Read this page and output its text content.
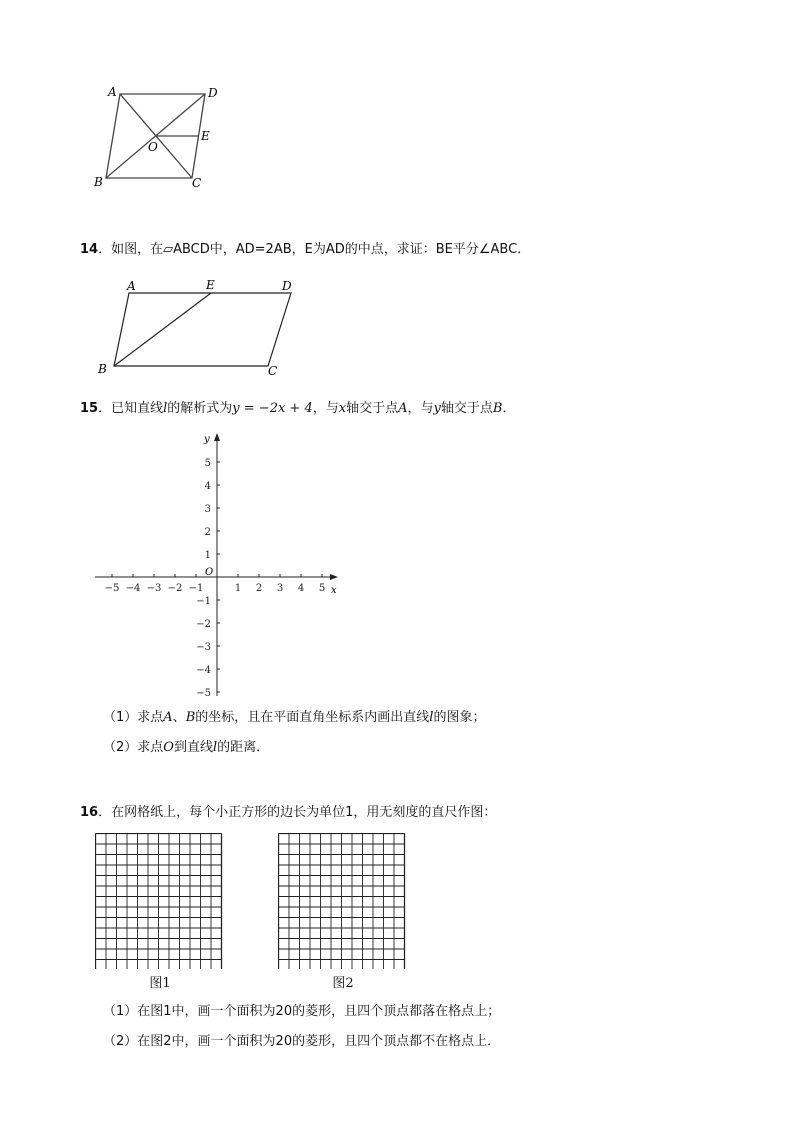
A	D
E
O
B	C
14．如图，在▱ABCD中，AD=2AB，E为AD的中点，求证：BE平分∠ABC．
A	E	D
B	C
15．已知直线l的解析式为y = −2x + 4，与x轴交于点A，与y轴交于点B．
x
y
O
−5 −4 −3 −2 −1	1 2 3 4 5
5
4
3
2
1
−1
−2
−3
−4
−5
（1）求点A、B的坐标，且在平面直角坐标系内画出直线l的图象；
（2）求点O到直线l的距离．
16．在网格纸上，每个小正方形的边长为单位1，用无刻度的直尺作图：
图1	图2
（1）在图1中，画一个面积为20的菱形，且四个顶点都落在格点上；
（2）在图2中，画一个面积为20的菱形，且四个顶点都不在格点上．
